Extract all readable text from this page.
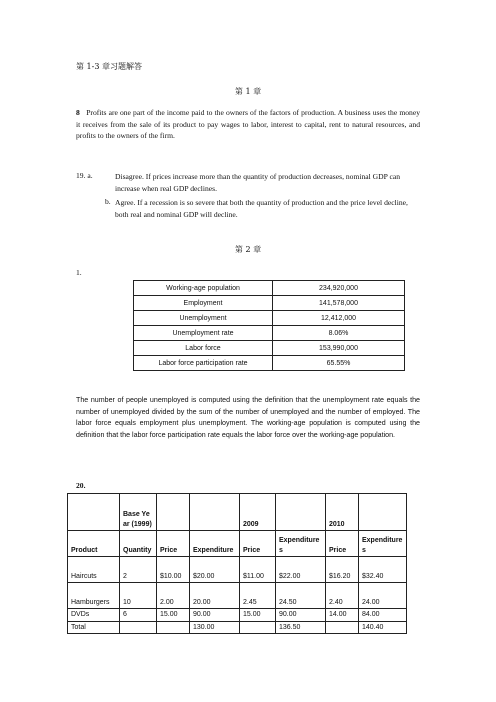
第 1-3 章习题解答
第 1 章
8 Profits are one part of the income paid to the owners of the factors of production. A business uses the money it receives from the sale of its product to pay wages to labor, interest to capital, rent to natural resources, and profits to the owners of the firm.
19. a.	Disagree. If prices increase more than the quantity of production decreases, nominal GDP can increase when real GDP declines.
b. Agree. If a recession is so severe that both the quantity of production and the price level decline, both real and nominal GDP will decline.
第 2 章
1.
Working-age population	234,920,000
Employment	141,578,000
Unemployment	12,412,000
Unemployment rate	8.06%
Labor force	153,990,000
Labor force participation rate	65.55%
The number of people unemployed is computed using the definition that the unemployment rate equals the number of unemployed divided by the sum of the number of unemployed and the number of employed. The labor force equals employment plus unemployment. The working-age population is computed using the definition that the labor force participation rate equals the labor force over the working-age population.
20.
	Base Year (1999)			2009		2010	
Product	Quantity	Price	Expenditure	Price	Expenditures	Price	Expenditures
Haircuts	2	$10.00	$20.00	$11.00	$22.00	$16.20	$32.40
Hamburgers	10	2.00	20.00	2.45	24.50	2.40	24.00
DVDs	6	15.00	90.00	15.00	90.00	14.00	84.00
Total			130.00		136.50		140.40
